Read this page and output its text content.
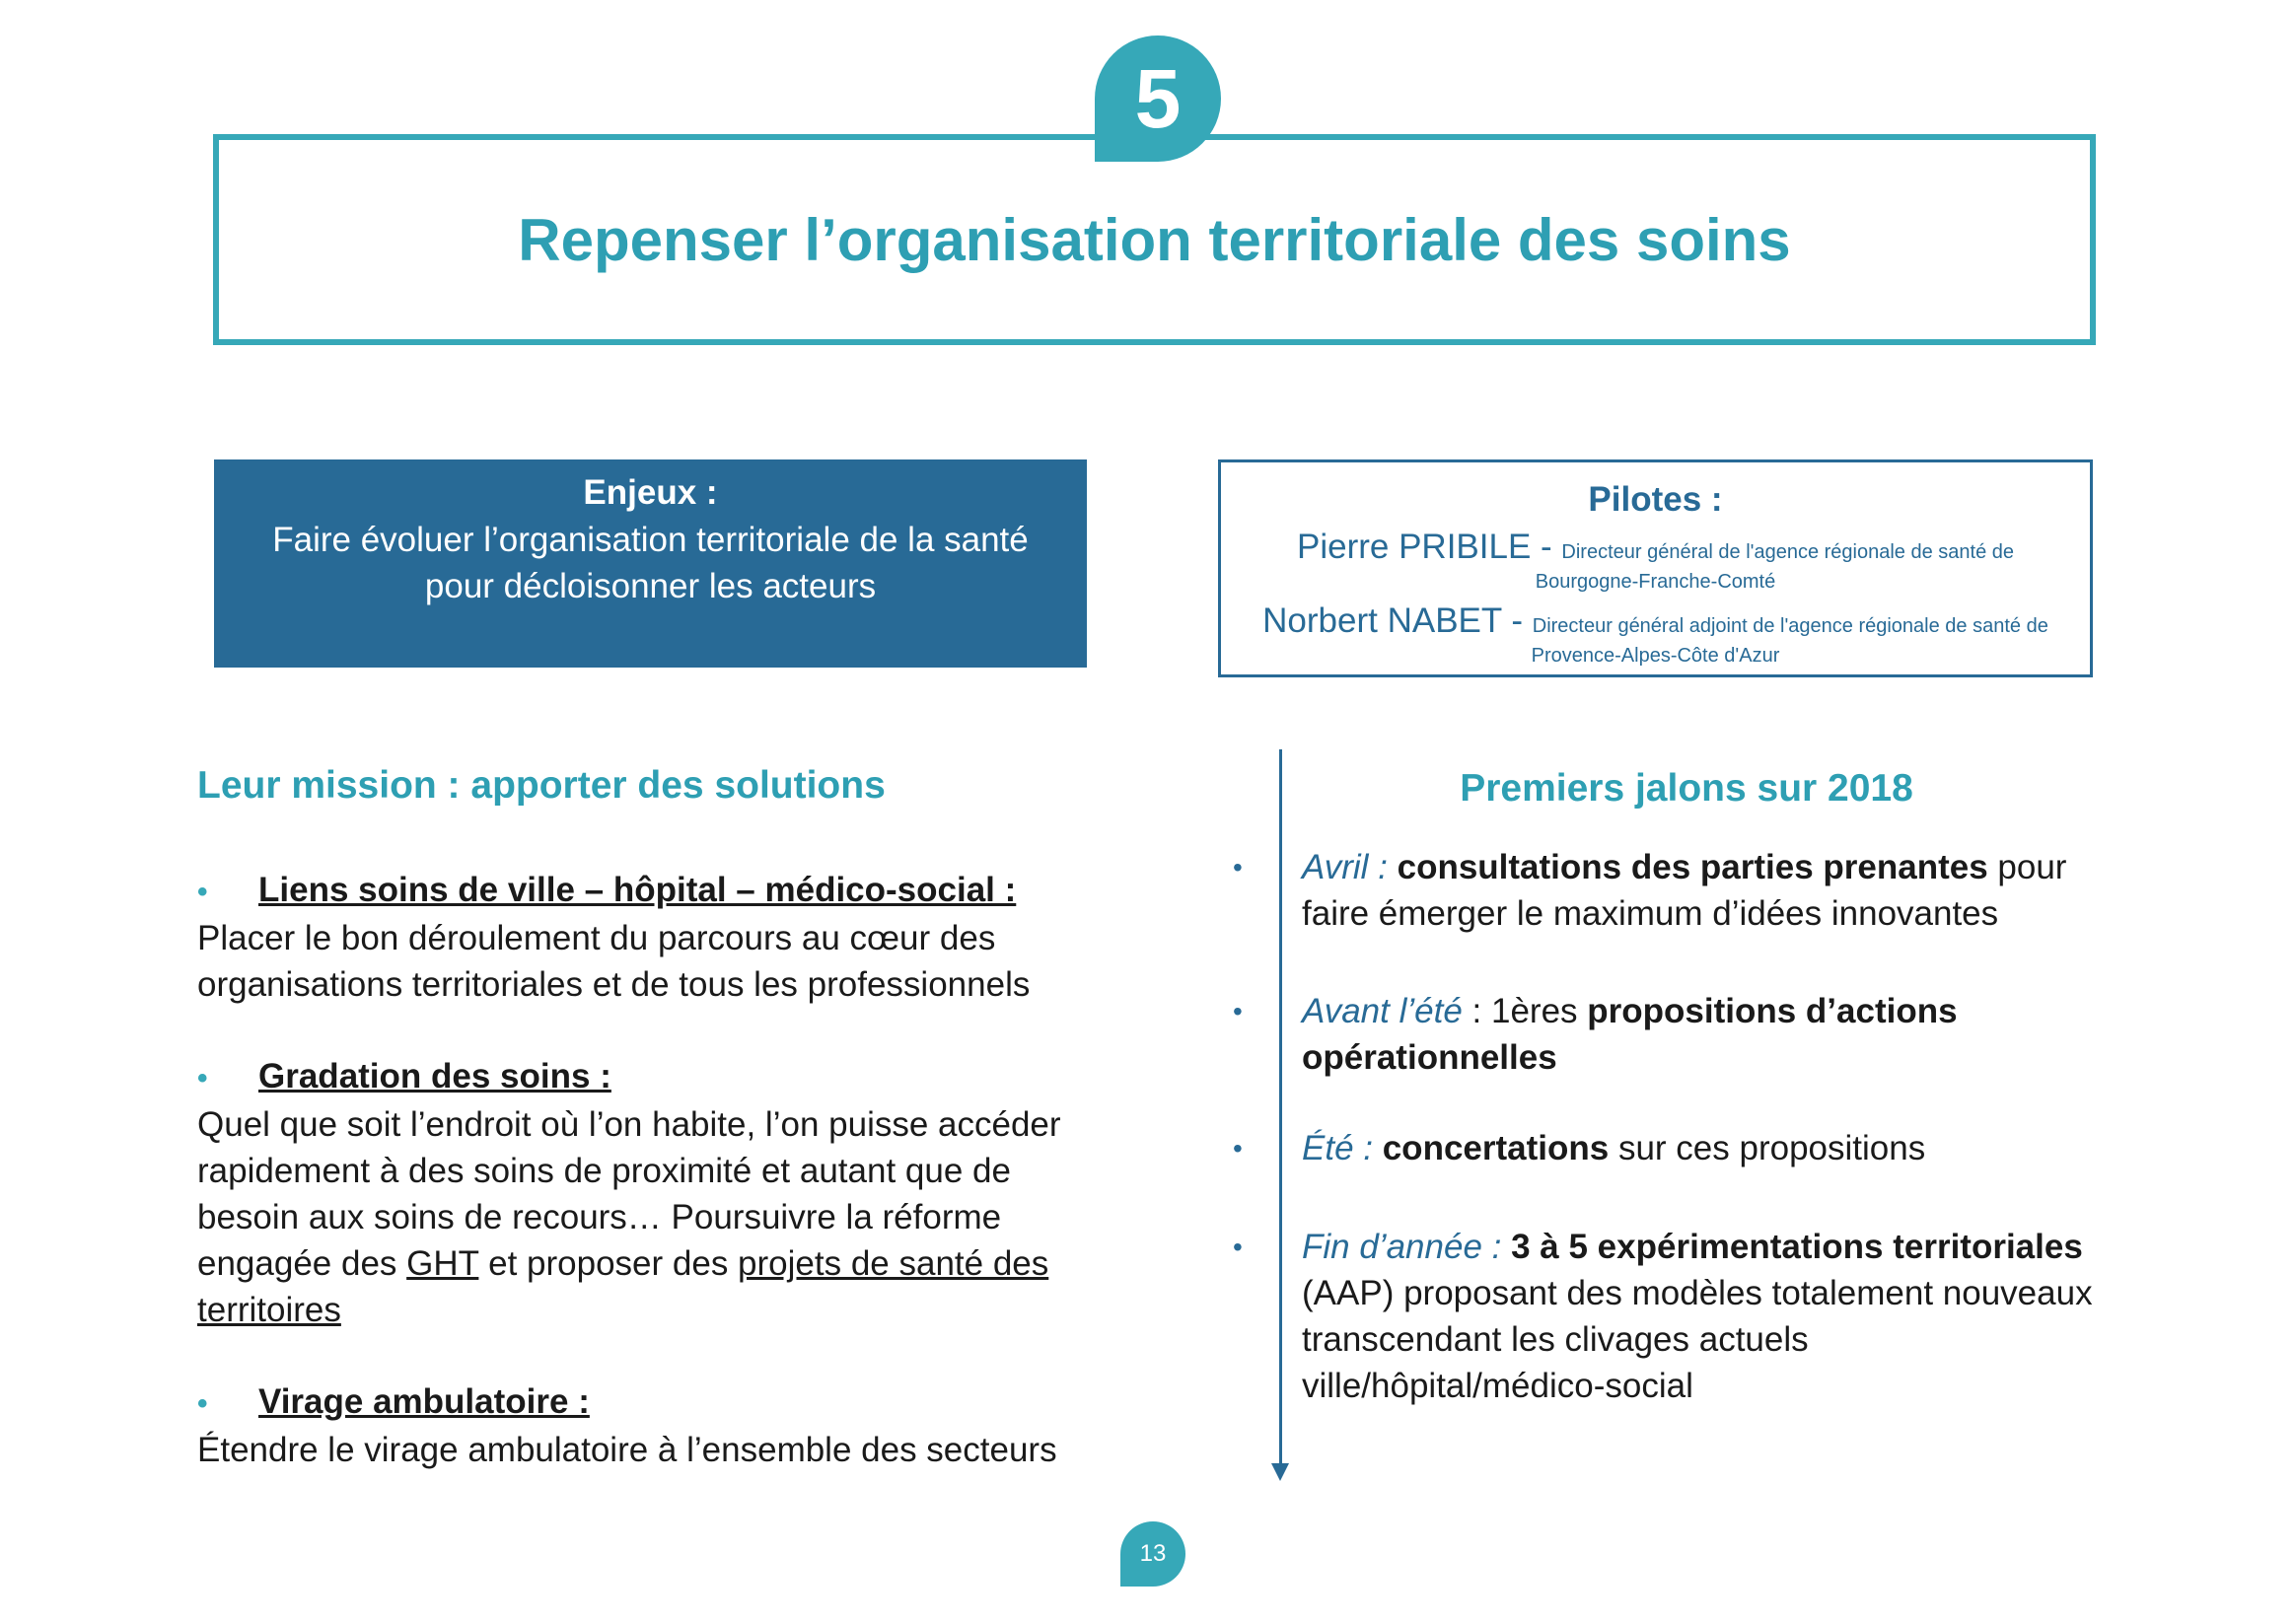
5
Repenser l’organisation territoriale des soins
Enjeux :
Faire évoluer l’organisation territoriale de la santé
pour décloisonner les acteurs
Pilotes :
Pierre PRIBILE - Directeur général de l'agence régionale de santé de
Bourgogne-Franche-Comté
Norbert NABET - Directeur général adjoint de l'agence régionale de santé de
Provence-Alpes-Côte d'Azur
Leur mission : apporter des solutions
• Liens soins de ville – hôpital – médico-social :
Placer le bon déroulement du parcours au cœur des organisations territoriales et de tous les professionnels
• Gradation des soins :
Quel que soit l’endroit où l’on habite, l’on puisse accéder rapidement à des soins de proximité et autant que de besoin aux soins de recours… Poursuivre la réforme engagée des GHT et proposer des projets de santé des territoires
• Virage ambulatoire :
Étendre le virage ambulatoire à l’ensemble des secteurs
Premiers jalons sur 2018
•	Avril : consultations des parties prenantes pour faire émerger le maximum d’idées innovantes
•	Avant l’été : 1ères propositions d’actions opérationnelles
•	Été : concertations sur ces propositions
•	Fin d’année : 3 à 5 expérimentations territoriales (AAP) proposant des modèles totalement nouveaux transcendant les clivages actuels ville/hôpital/médico-social
13
